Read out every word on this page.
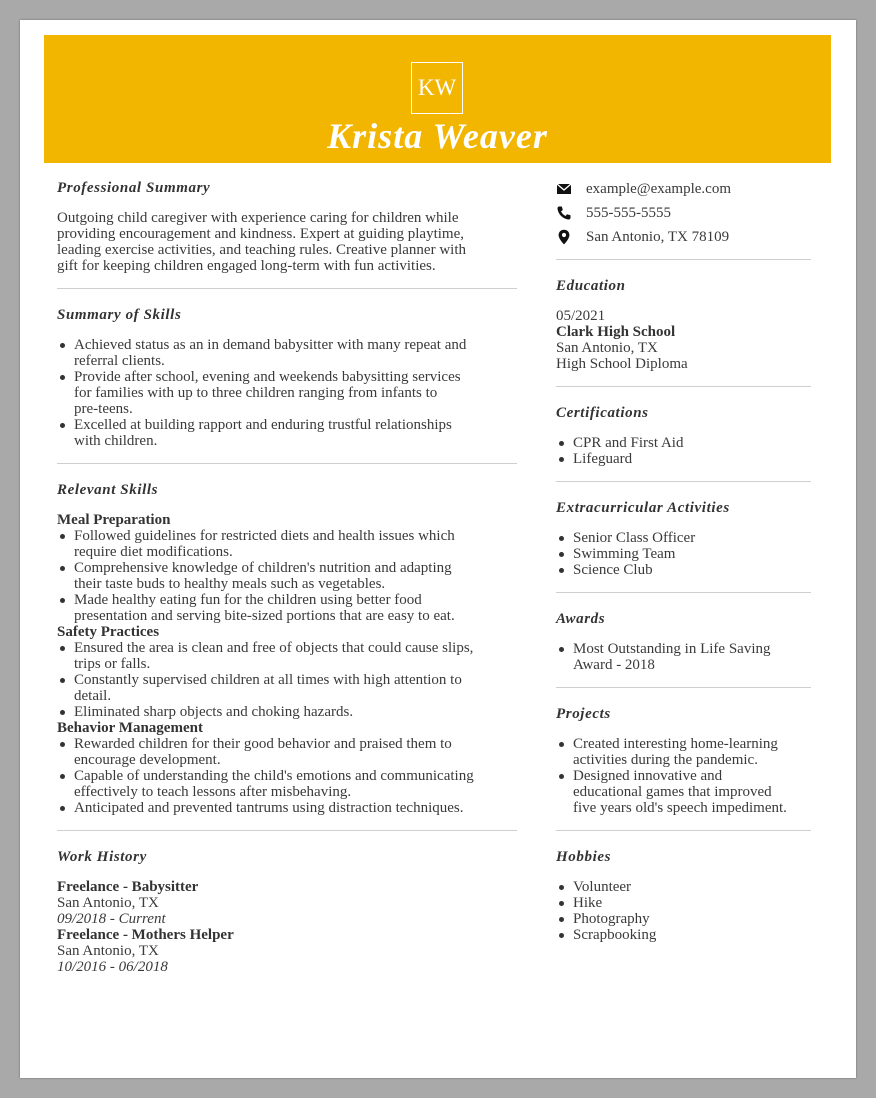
KW
Krista Weaver
Professional Summary
Outgoing child caregiver with experience caring for children while
providing encouragement and kindness. Expert at guiding playtime,
leading exercise activities, and teaching rules. Creative planner with
gift for keeping children engaged long-term with fun activities.
Summary of Skills
Achieved status as an in demand babysitter with many repeat and
referral clients.
Provide after school, evening and weekends babysitting services
for families with up to three children ranging from infants to
pre-teens.
Excelled at building rapport and enduring trustful relationships
with children.
Relevant Skills
Meal Preparation
Followed guidelines for restricted diets and health issues which
require diet modifications.
Comprehensive knowledge of children's nutrition and adapting
their taste buds to healthy meals such as vegetables.
Made healthy eating fun for the children using better food
presentation and serving bite-sized portions that are easy to eat.
Safety Practices
Ensured the area is clean and free of objects that could cause slips,
trips or falls.
Constantly supervised children at all times with high attention to
detail.
Eliminated sharp objects and choking hazards.
Behavior Management
Rewarded children for their good behavior and praised them to
encourage development.
Capable of understanding the child's emotions and communicating
effectively to teach lessons after misbehaving.
Anticipated and prevented tantrums using distraction techniques.
Work History
Freelance - Babysitter
San Antonio, TX
09/2018 - Current
Freelance - Mothers Helper
San Antonio, TX
10/2016 - 06/2018
example@example.com
555-555-5555
San Antonio, TX 78109
Education
05/2021
Clark High School
San Antonio, TX
High School Diploma
Certifications
CPR and First Aid
Lifeguard
Extracurricular Activities
Senior Class Officer
Swimming Team
Science Club
Awards
Most Outstanding in Life Saving
Award - 2018
Projects
Created interesting home-learning
activities during the pandemic.
Designed innovative and
educational games that improved
five years old's speech impediment.
Hobbies
Volunteer
Hike
Photography
Scrapbooking
